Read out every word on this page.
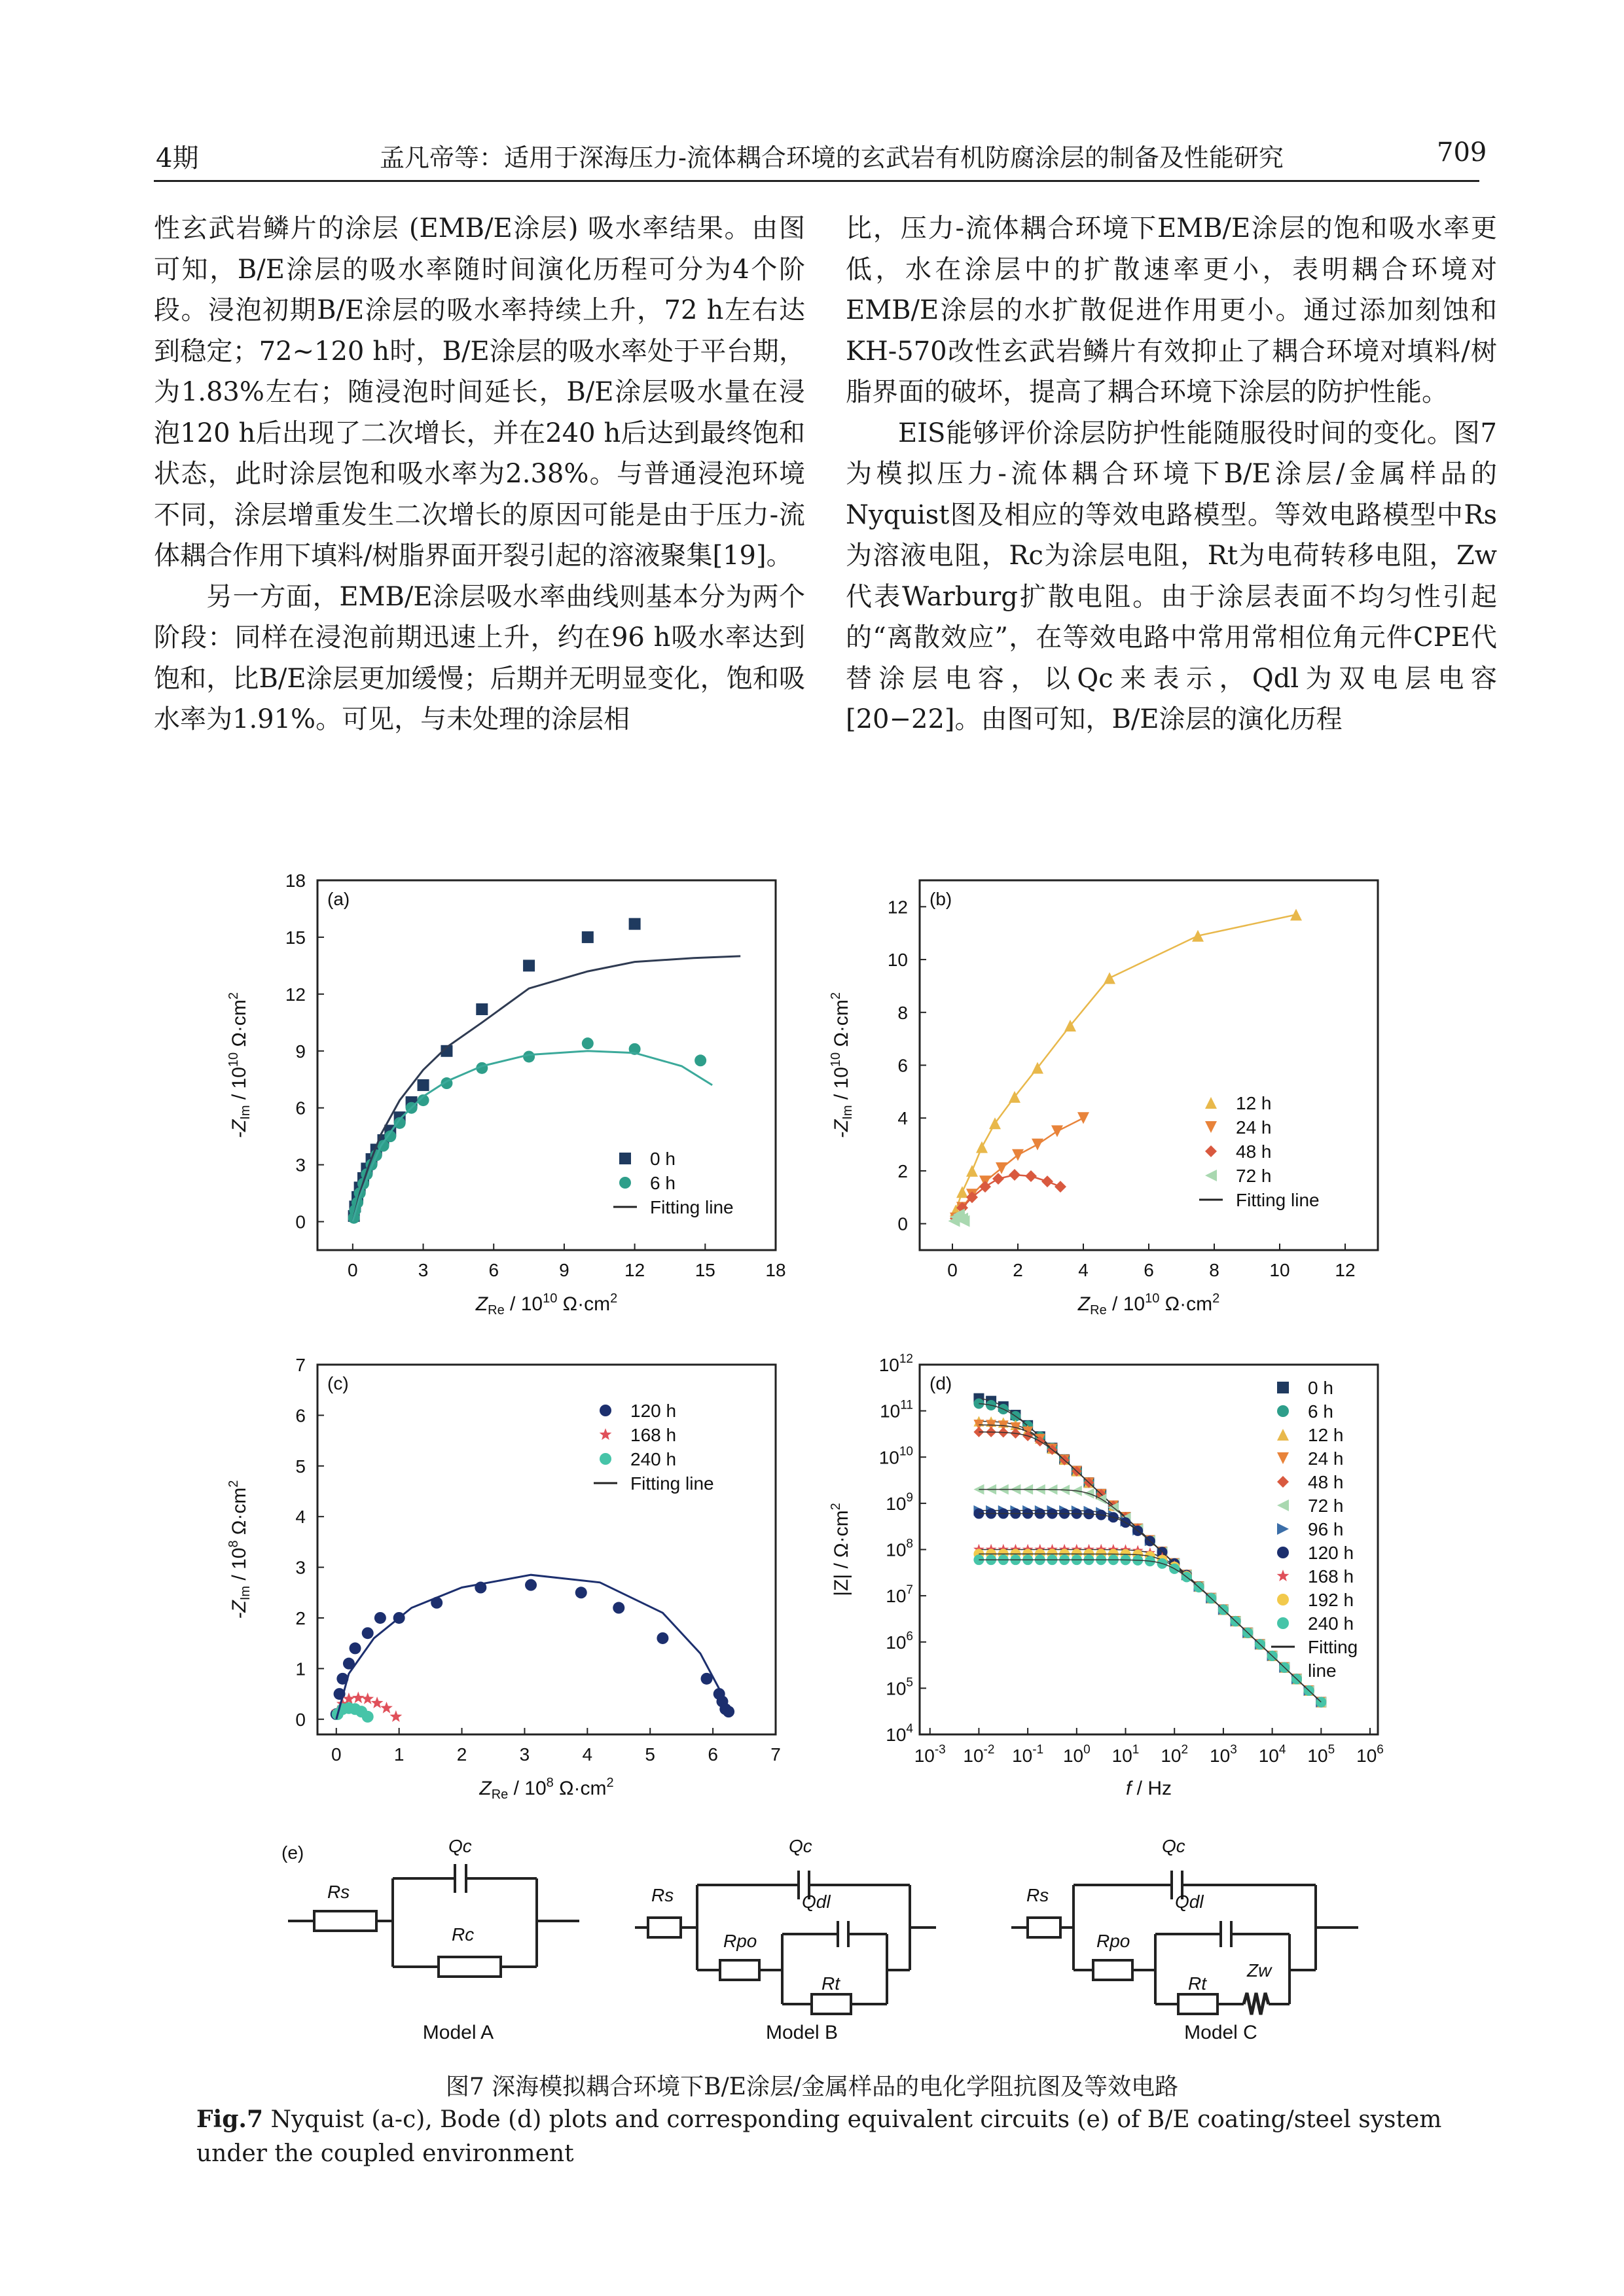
4期	孟凡帝等：适用于深海压力-流体耦合环境的玄武岩有机防腐涂层的制备及性能研究	709

性玄武岩鳞片的涂层 (EMB/E涂层) 吸水率结果。由图可知，B/E涂层的吸水率随时间演化历程可分为4个阶段。浸泡初期B/E涂层的吸水率持续上升，72 h左右达到稳定；72~120 h时，B/E涂层的吸水率处于平台期，为1.83%左右；随浸泡时间延长，B/E涂层吸水量在浸泡120 h后出现了二次增长，并在240 h后达到最终饱和状态，此时涂层饱和吸水率为2.38%。与普通浸泡环境不同，涂层增重发生二次增长的原因可能是由于压力-流体耦合作用下填料/树脂界面开裂引起的溶液聚集[19]。

另一方面，EMB/E涂层吸水率曲线则基本分为两个阶段：同样在浸泡前期迅速上升，约在96 h吸水率达到饱和，比B/E涂层更加缓慢；后期并无明显变化，饱和吸水率为1.91%。可见，与未处理的涂层相

比，压力-流体耦合环境下EMB/E涂层的饱和吸水率更低，水在涂层中的扩散速率更小，表明耦合环境对EMB/E涂层的水扩散促进作用更小。通过添加刻蚀和KH-570改性玄武岩鳞片有效抑止了耦合环境对填料/树脂界面的破坏，提高了耦合环境下涂层的防护性能。

EIS能够评价涂层防护性能随服役时间的变化。图7为模拟压力-流体耦合环境下B/E涂层/金属样品的Nyquist图及相应的等效电路模型。等效电路模型中Rs为溶液电阻，Rc为涂层电阻，Rt为电荷转移电阻，Zw代表Warburg扩散电阻。由于涂层表面不均匀性引起的“离散效应”，在等效电路中常用常相位角元件CPE代替涂层电容，以Qc来表示，Qdl为双电层电容[20−22]。由图可知，B/E涂层的演化历程

0	3	6	9	12	15	18
0
3
6
9
12
15
18
$Z_{Re} / 10^{10}$ $\Omega\cdot cm^2$
$-Z_{Im} / 10^{10}$ $\Omega\cdot cm^2$
(a)
0 h
6 h
Fitting line
0	2	4	6	8	10 12
0
2
4
6
8
10
12
$Z_{Re} / 10^{10}$ $\Omega\cdot cm^2$
$-Z_{Im} / 10^{10}$ $\Omega\cdot cm^2$
(b)
12 h
24 h
48 h
72 h
Fitting line
0	1	2	3	4	5	6	7
0
1
2
3
4
5
6
7
$Z_{Re} / 10^8$ $\Omega\cdot cm^2$
$-Z_{Im} / 10^8$ $\Omega\cdot cm^2$
(c)
120 h
168 h
240 h
Fitting line
$10^{-3}$ $10^{-2}$ $10^{-1}$ $10^0$ $10^1$ $10^2$ $10^3$ $10^4$ $10^5$ $10^6$
$10^4$
$10^5$
$10^6$
$10^7$
$10^8$
$10^9$
$10^{10}$
$10^{11}$
$10^{12}$
f / Hz
$|Z| / \Omega\cdot cm^2$
(d)	0 h
6 h
12 h
24 h
48 h
72 h
96 h
120 h
168 h
192 h
240 h
Fitting line
(e)
Rs
Qc
Rc
Rs
Qc
Rpo
Qdl
Rt
Rs
Qc
Rpo
Qdl
Rt
Zw
Model A	Model B	Model C
图7 深海模拟耦合环境下B/E涂层/金属样品的电化学阻抗图及等效电路
Fig.7 Nyquist (a-c), Bode (d) plots and corresponding equivalent circuits (e) of B/E coating/steel system under the coupled environment
